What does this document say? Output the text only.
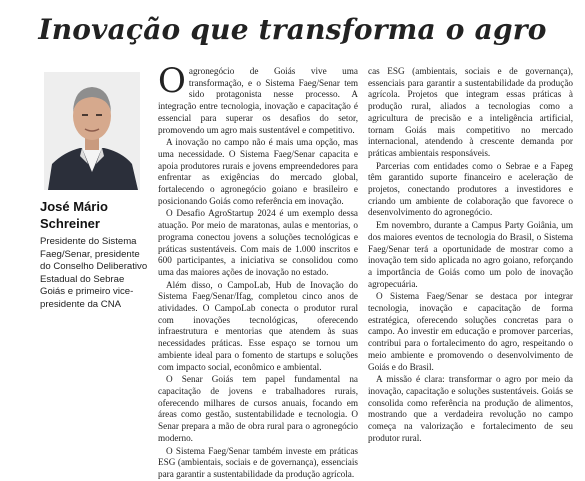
Inovação que transforma o agro
José Mário Schreiner

Presidente do Sistema Faeg/Senar, presidente do Conselho Deliberativo Estadual do Sebrae Goiás e primeiro vice-presidente da CNA

Oagronegócio de Goiás vive uma transformação, e o Sistema Faeg/Senar tem sido protagonista nesse processo. A integração entre tecnologia, inovação e capacitação é essencial para superar os desafios do setor, promovendo um agro mais sustentável e competitivo.

A inovação no campo não é mais uma opção, mas uma necessidade. O Sistema Faeg/Senar capacita e apoia produtores rurais e jovens empreendedores para enfrentar as exigências do mercado global, fortalecendo o agronegócio goiano e brasileiro e posicionando Goiás como referência em inovação.

O Desafio AgroStartup 2024 é um exemplo dessa atuação. Por meio de maratonas, aulas e mentorias, o programa conectou jovens a soluções tecnológicas e práticas sustentáveis. Com mais de 1.000 inscritos e 600 participantes, a iniciativa se consolidou como uma das maiores ações de inovação no estado.

Além disso, o CampoLab, Hub de Inovação do Sistema Faeg/Senar/Ifag, completou cinco anos de atividades. O CampoLab conecta o produtor rural com inovações tecnológicas, oferecendo infraestrutura e mentorias que atendem às suas necessidades práticas. Esse espaço se tornou um ambiente ideal para o fomento de startups e soluções com impacto social, econômico e ambiental.

O Senar Goiás tem papel fundamental na capacitação de jovens e trabalhadores rurais, oferecendo milhares de cursos anuais, focando em áreas como gestão, sustentabilidade e tecnologia. O Senar prepara a mão de obra rural para o agronegócio moderno.

O Sistema Faeg/Senar também investe em práticas ESG (ambientais, sociais e de governança), essenciais para garantir a sustentabilidade da produção agrícola.

cas ESG (ambientais, sociais e de governança), essenciais para garantir a sustentabilidade da produção agrícola. Projetos que integram essas práticas à produção rural, aliados a tecnologias como a agricultura de precisão e a inteligência artificial, tornam Goiás mais competitivo no mercado internacional, atendendo à crescente demanda por práticas ambientais responsáveis.

Parcerias com entidades como o Sebrae e a Fapeg têm garantido suporte financeiro e aceleração de projetos, conectando produtores a investidores e criando um ambiente de colaboração que favorece o desenvolvimento do agronegócio.

Em novembro, durante a Campus Party Goiânia, um dos maiores eventos de tecnologia do Brasil, o Sistema Faeg/Senar terá a oportunidade de mostrar como a inovação tem sido aplicada no agro goiano, reforçando a importância de Goiás como um polo de inovação agropecuária.

O Sistema Faeg/Senar se destaca por integrar tecnologia, inovação e capacitação de forma estratégica, oferecendo soluções concretas para o campo. Ao investir em educação e promover parcerias, contribui para o fortalecimento do agro, respeitando o meio ambiente e promovendo o desenvolvimento de Goiás e do Brasil.

A missão é clara: transformar o agro por meio da inovação, capacitação e soluções sustentáveis. Goiás se consolida como referência na produção de alimentos, mostrando que a verdadeira revolução no campo começa na valorização e fortalecimento de seu produtor rural.
